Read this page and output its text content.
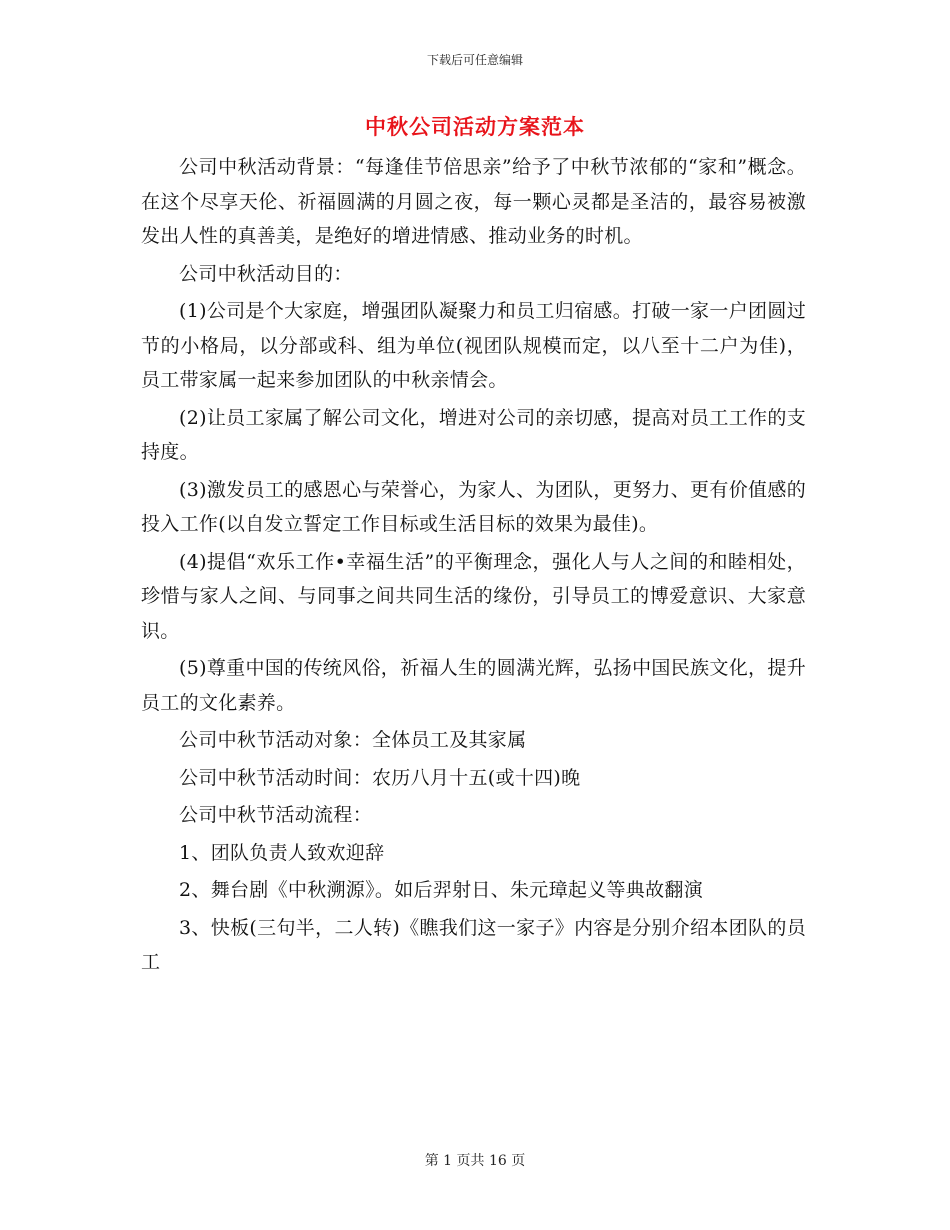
下载后可任意编辑
中秋公司活动方案范本

公司中秋活动背景：“每逢佳节倍思亲”给予了中秋节浓郁的“家和”概念。在这个尽享天伦、祈福圆满的月圆之夜，每一颗心灵都是圣洁的，最容易被激发出人性的真善美，是绝好的增进情感、推动业务的时机。

公司中秋活动目的：

(1)公司是个大家庭，增强团队凝聚力和员工归宿感。打破一家一户团圆过节的小格局，以分部或科、组为单位(视团队规模而定，以八至十二户为佳)，员工带家属一起来参加团队的中秋亲情会。

(2)让员工家属了解公司文化，增进对公司的亲切感，提高对员工工作的支持度。

(3)激发员工的感恩心与荣誉心，为家人、为团队，更努力、更有价值感的投入工作(以自发立誓定工作目标或生活目标的效果为最佳)。

(4)提倡“欢乐工作•幸福生活”的平衡理念，强化人与人之间的和睦相处，珍惜与家人之间、与同事之间共同生活的缘份，引导员工的博爱意识、大家意识。

(5)尊重中国的传统风俗，祈福人生的圆满光辉，弘扬中国民族文化，提升员工的文化素养。

公司中秋节活动对象：全体员工及其家属

公司中秋节活动时间：农历八月十五(或十四)晚

公司中秋节活动流程：

1、团队负责人致欢迎辞

2、舞台剧《中秋溯源》。如后羿射日、朱元璋起义等典故翻演

3、快板(三句半，二人转)《瞧我们这一家子》内容是分别介绍本团队的员工

第 1 页共 16 页
